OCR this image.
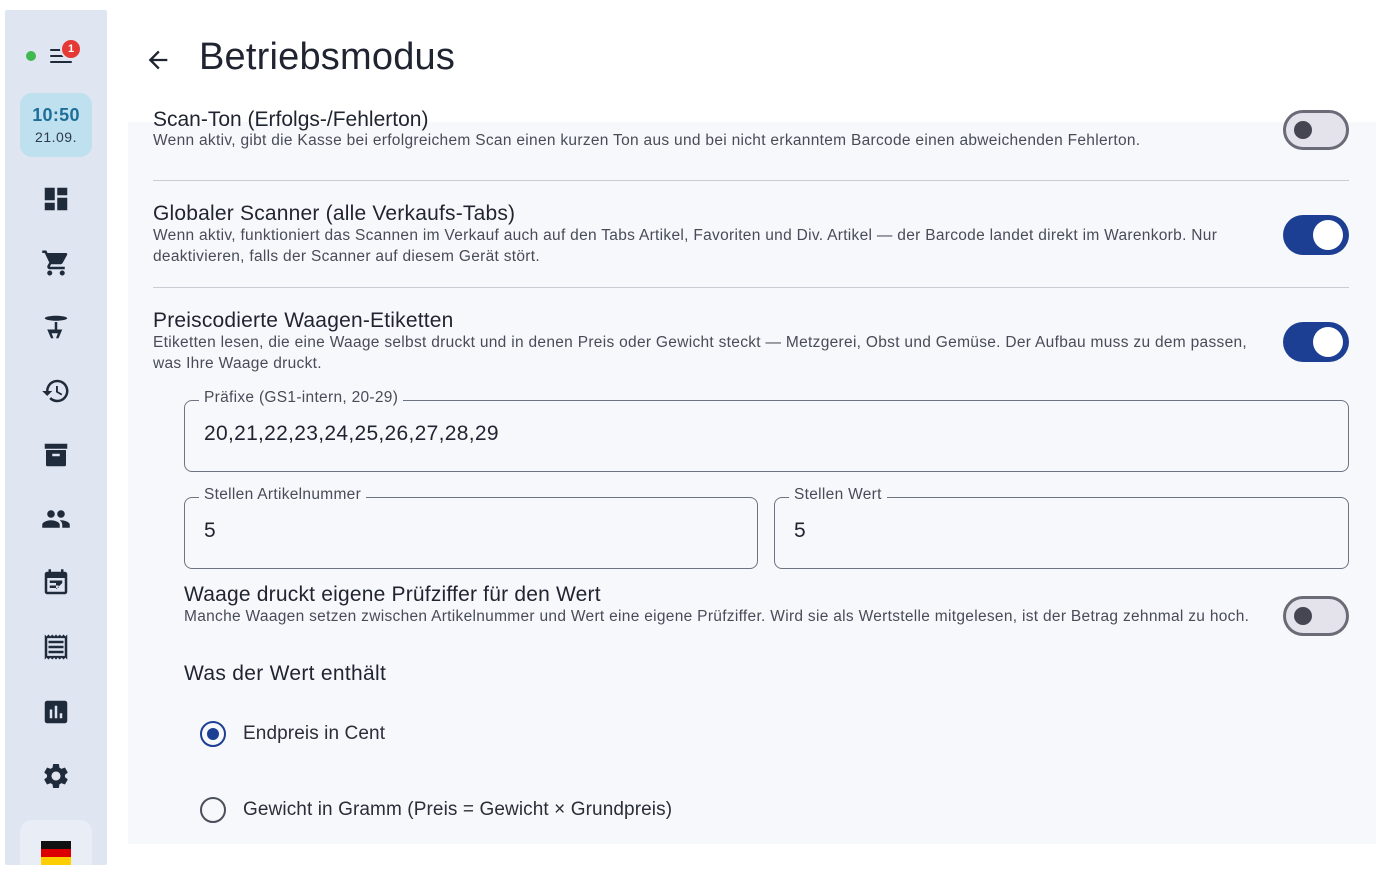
1
10:50
21.09.
Betriebsmodus
Scan-Ton (Erfolgs-/Fehlerton)
Wenn aktiv, gibt die Kasse bei erfolgreichem Scan einen kurzen Ton aus und bei nicht erkanntem Barcode einen abweichenden Fehlerton.
Globaler Scanner (alle Verkaufs-Tabs)
Wenn aktiv, funktioniert das Scannen im Verkauf auch auf den Tabs Artikel, Favoriten und Div. Artikel — der Barcode landet direkt im Warenkorb. Nur deaktivieren, falls der Scanner auf diesem Gerät stört.
Preiscodierte Waagen-Etiketten
Etiketten lesen, die eine Waage selbst druckt und in denen Preis oder Gewicht steckt — Metzgerei, Obst und Gemüse. Der Aufbau muss zu dem passen, was Ihre Waage druckt.
Präfixe (GS1-intern, 20-29)
20,21,22,23,24,25,26,27,28,29
Stellen Artikelnummer
5
Stellen Wert
5
Waage druckt eigene Prüfziffer für den Wert
Manche Waagen setzen zwischen Artikelnummer und Wert eine eigene Prüfziffer. Wird sie als Wertstelle mitgelesen, ist der Betrag zehnmal zu hoch.
Was der Wert enthält
Endpreis in Cent
Gewicht in Gramm (Preis = Gewicht × Grundpreis)
